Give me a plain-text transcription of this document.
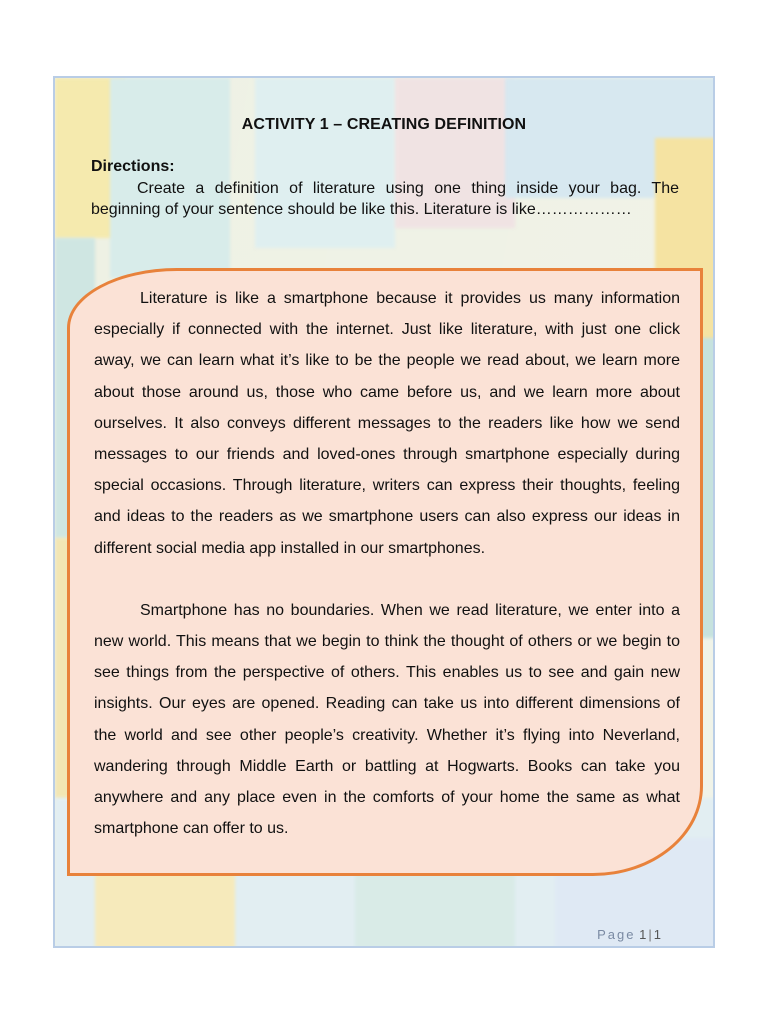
ACTIVITY 1 – CREATING DEFINITION
Directions:
Create a definition of literature using one thing inside your bag. The beginning of your sentence should be like this. Literature is like………………

Literature is like a smartphone because it provides us many information especially if connected with the internet. Just like literature, with just one click away, we can learn what it’s like to be the people we read about, we learn more about those around us, those who came before us, and we learn more about ourselves. It also conveys different messages to the readers like how we send messages to our friends and loved-ones through smartphone especially during special occasions. Through literature, writers can express their thoughts, feeling and ideas to the readers as we smartphone users can also express our ideas in different social media app installed in our smartphones.

Smartphone has no boundaries. When we read literature, we enter into a new world. This means that we begin to think the thought of others or we begin to see things from the perspective of others. This enables us to see and gain new insights. Our eyes are opened. Reading can take us into different dimensions of the world and see other people’s creativity. Whether it’s flying into Neverland, wandering through Middle Earth or battling at Hogwarts. Books can take you anywhere and any place even in the comforts of your home the same as what smartphone can offer to us.

Page 1 | 1
